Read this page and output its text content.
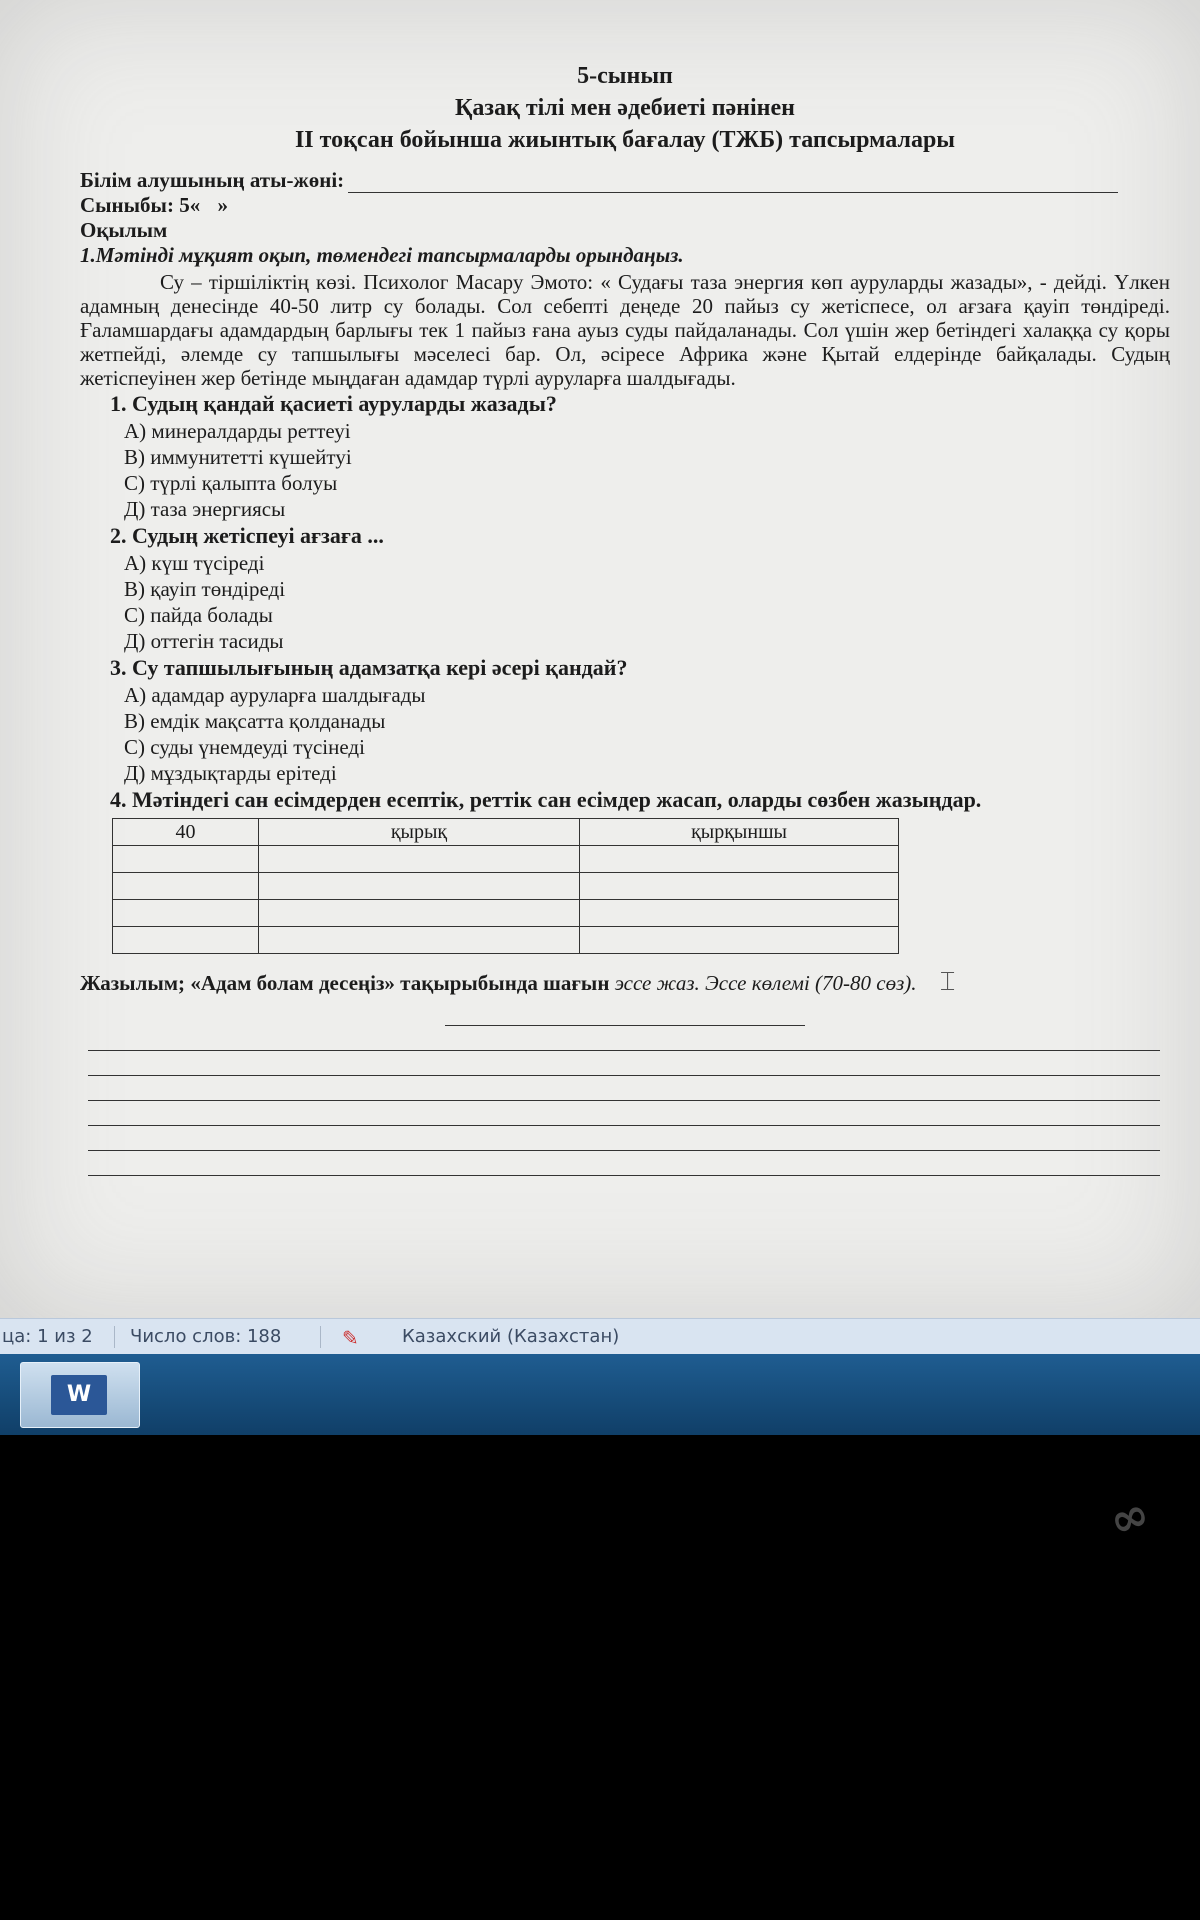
5-сынып
Қазақ тілі мен әдебиеті пәнінен
II тоқсан бойынша жиынтық бағалау (ТЖБ) тапсырмалары
Білім алушының аты-жөні:
Сыныбы: 5« »
Оқылым
1.Мәтінді мұқият оқып, төмендегі тапсырмаларды орындаңыз.
Су – тіршіліктің көзі. Психолог Масару Эмото: « Судағы таза энергия көп ауруларды жазады», - дейді. Үлкен адамның денесінде 40-50 литр су болады. Сол себепті деңеде 20 пайыз су жетіспесе, ол ағзаға қауіп төндіреді. Ғаламшардағы адамдардың барлығы тек 1 пайыз ғана ауыз суды пайдаланады. Сол үшін жер бетіндегі халаққа су қоры жетпейді, әлемде су тапшылығы мәселесі бар. Ол, әсіресе Африка және Қытай елдерінде байқалады. Судың жетіспеуінен жер бетінде мыңдаған адамдар түрлі ауруларға шалдығады.
1. Судың қандай қасиеті ауруларды жазады?
А) минералдарды реттеуі
В) иммунитетті күшейтуі
С) түрлі қалыпта болуы
Д) таза энергиясы
2. Судың жетіспеуі ағзаға ...
А) күш түсіреді
В) қауіп төндіреді
С) пайда болады
Д) оттегін тасиды
3. Су тапшылығының адамзатқа кері әсері қандай?
А) адамдар ауруларға шалдығады
В) емдік мақсатта қолданады
С) суды үнемдеуді түсінеді
Д) мұздықтарды ерітеді
4. Мәтіндегі сан есімдерден есептік, реттік сан есімдер жасап, оларды сөзбен жазыңдар.
40	қырық	қырқыншы

Жазылым; «Адам болам десеңіз» тақырыбында шағын эссе жаз. Эссе көлемі (70-80 сөз). ⌶
ца: 1 из 2 Число слов: 188	✎ Казахский (Казахстан)
W
∞
